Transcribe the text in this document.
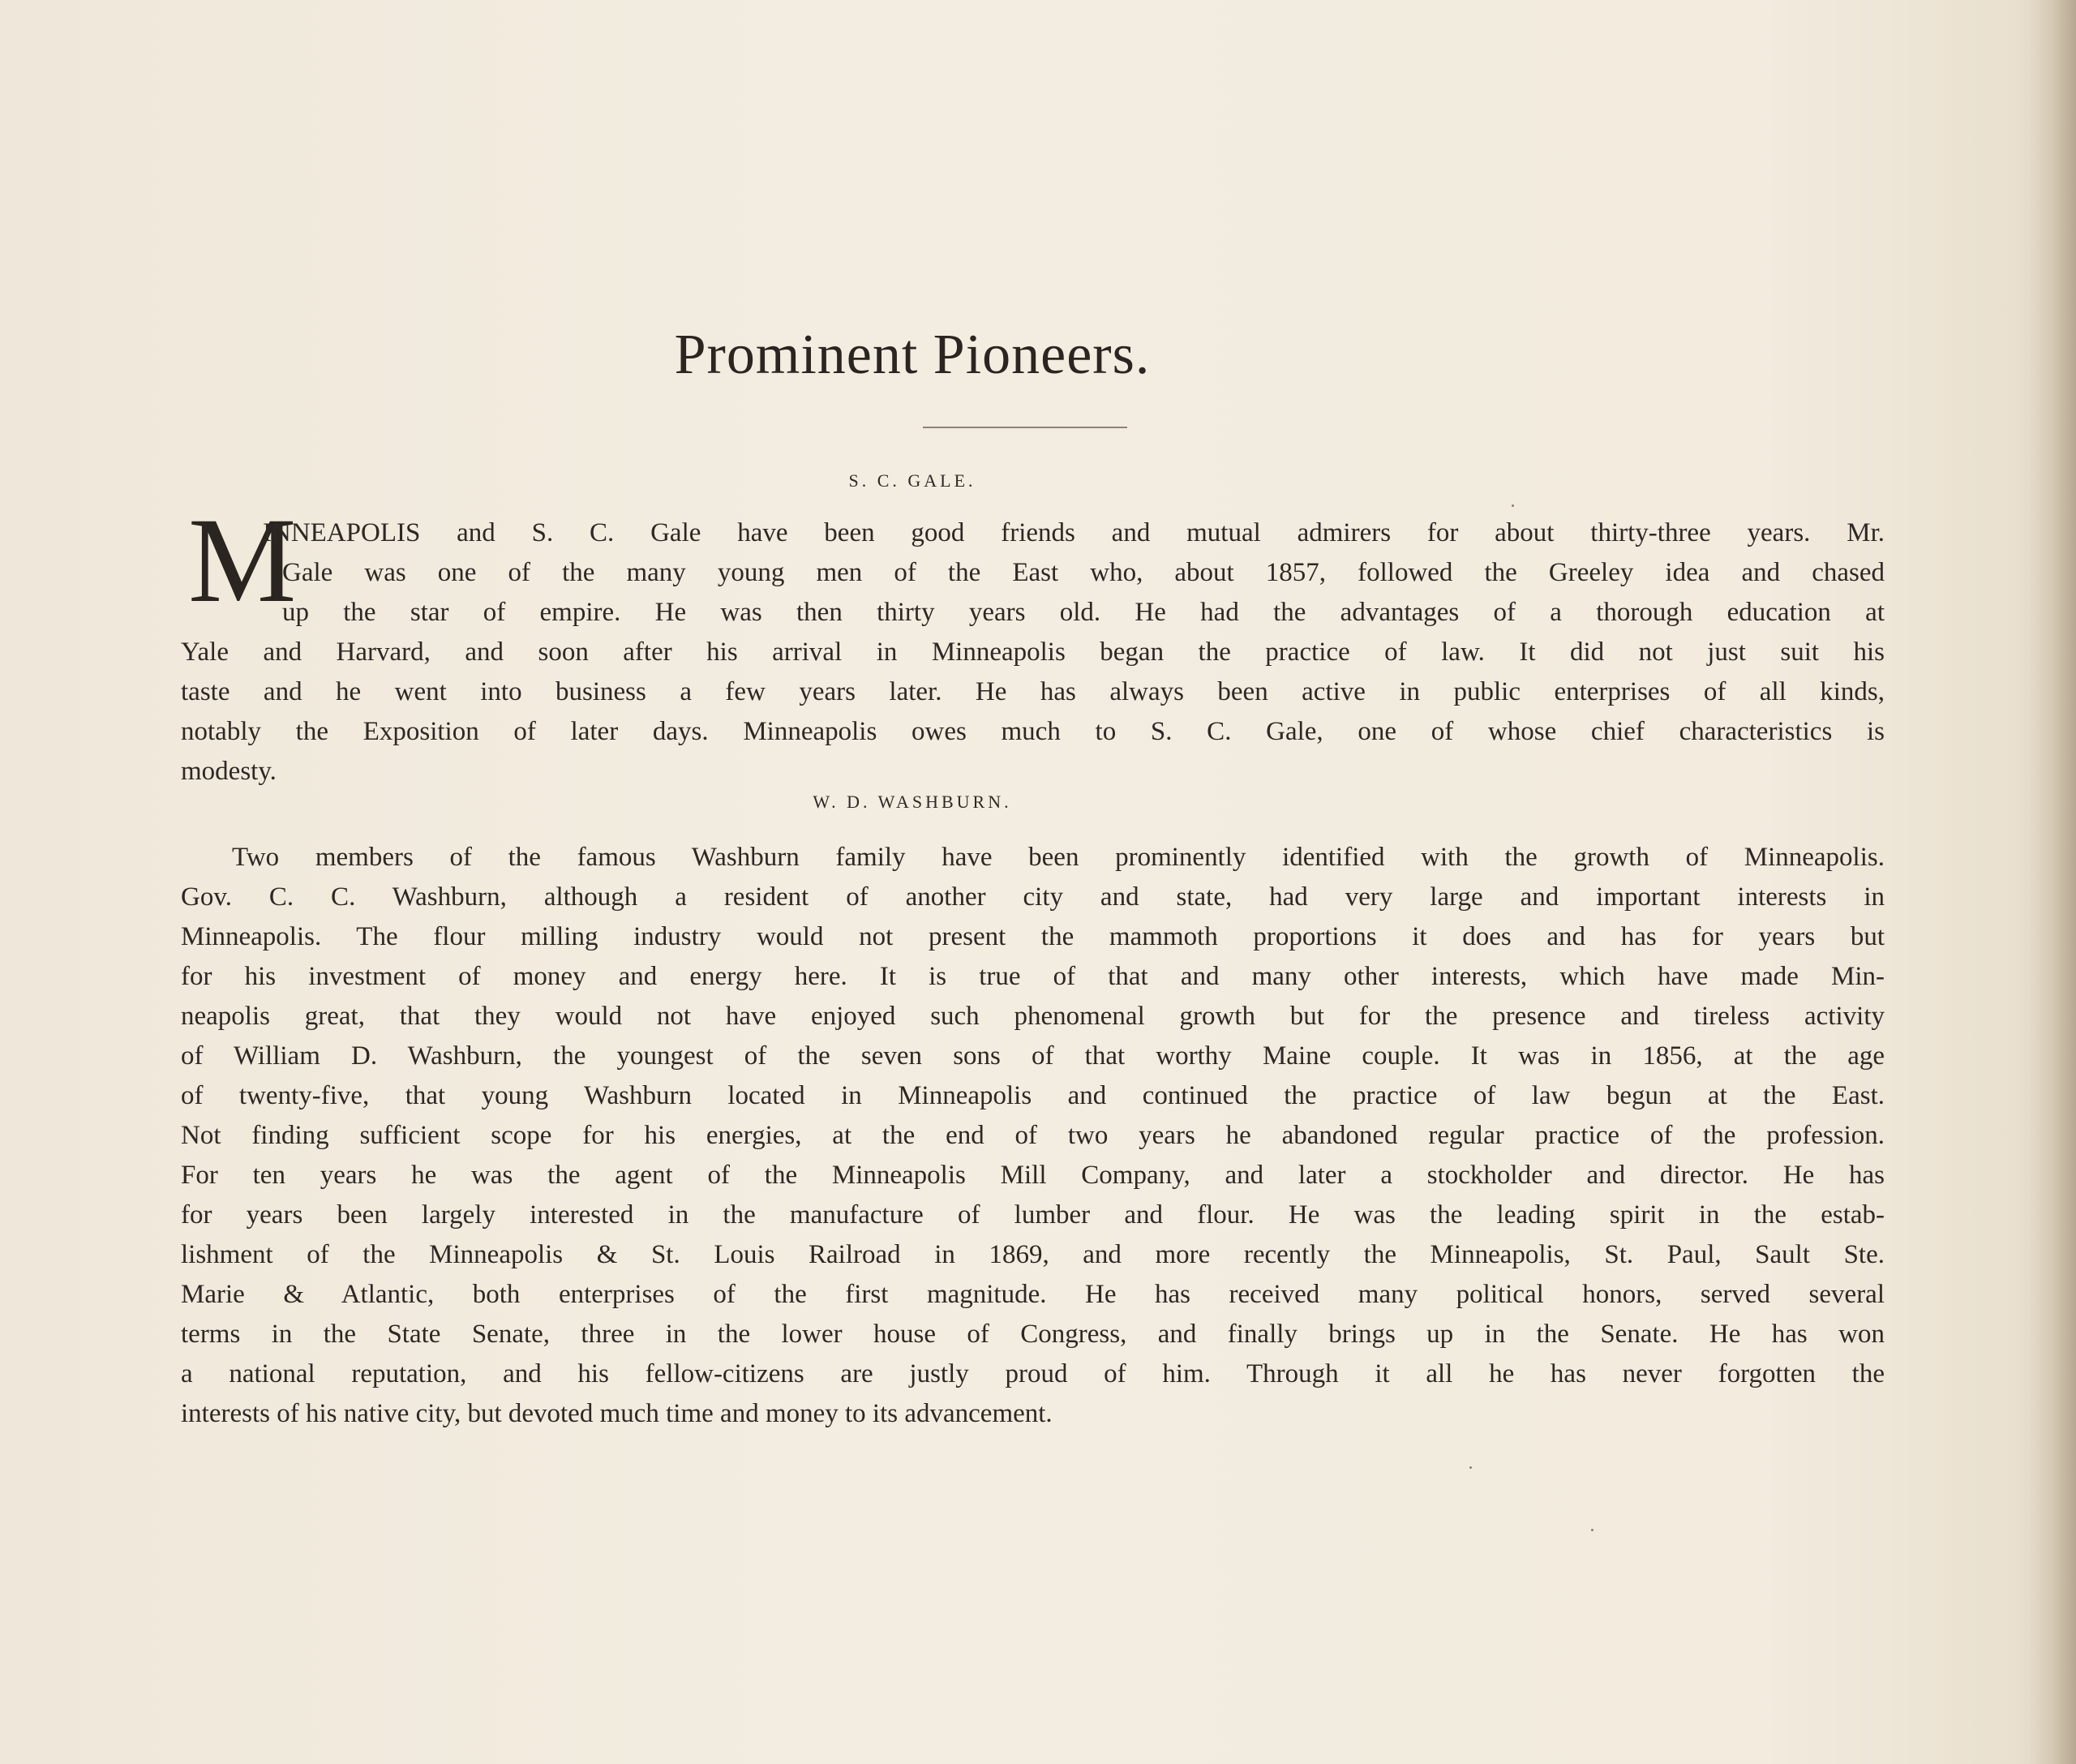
Prominent Pioneers.
S. C. GALE.
M
INNEAPOLIS and S. C. Gale have been good friends and mutual admirers for about thirty-three years. Mr.
Gale was one of the many young men of the East who, about 1857, followed the Greeley idea and chased
up the star of empire. He was then thirty years old. He had the advantages of a thorough education at
Yale and Harvard, and soon after his arrival in Minneapolis began the practice of law. It did not just suit his
taste and he went into business a few years later. He has always been active in public enterprises of all kinds,
notably the Exposition of later days. Minneapolis owes much to S. C. Gale, one of whose chief characteristics is
modesty.
W. D. WASHBURN.
Two members of the famous Washburn family have been prominently identified with the growth of Minneapolis.
Gov. C. C. Washburn, although a resident of another city and state, had very large and important interests in
Minneapolis. The flour milling industry would not present the mammoth proportions it does and has for years but
for his investment of money and energy here. It is true of that and many other interests, which have made Min-
neapolis great, that they would not have enjoyed such phenomenal growth but for the presence and tireless activity
of William D. Washburn, the youngest of the seven sons of that worthy Maine couple. It was in 1856, at the age
of twenty-five, that young Washburn located in Minneapolis and continued the practice of law begun at the East.
Not finding sufficient scope for his energies, at the end of two years he abandoned regular practice of the profession.
For ten years he was the agent of the Minneapolis Mill Company, and later a stockholder and director. He has
for years been largely interested in the manufacture of lumber and flour. He was the leading spirit in the estab-
lishment of the Minneapolis & St. Louis Railroad in 1869, and more recently the Minneapolis, St. Paul, Sault Ste.
Marie & Atlantic, both enterprises of the first magnitude. He has received many political honors, served several
terms in the State Senate, three in the lower house of Congress, and finally brings up in the Senate. He has won
a national reputation, and his fellow-citizens are justly proud of him. Through it all he has never forgotten the
interests of his native city, but devoted much time and money to its advancement.
